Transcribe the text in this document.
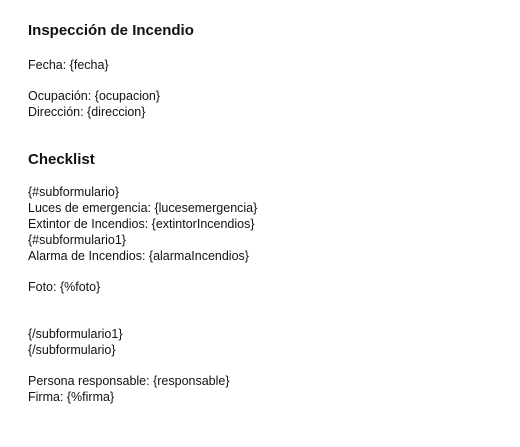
Inspección de Incendio
Fecha: {fecha}
Ocupación: {ocupacion}
Dirección: {direccion}
Checklist
{#subformulario}
Luces de emergencia: {lucesemergencia}
Extintor de Incendios: {extintorIncendios}
{#subformulario1}
Alarma de Incendios: {alarmaIncendios}
Foto: {%foto}
{/subformulario1}
{/subformulario}
Persona responsable: {responsable}
Firma: {%firma}
